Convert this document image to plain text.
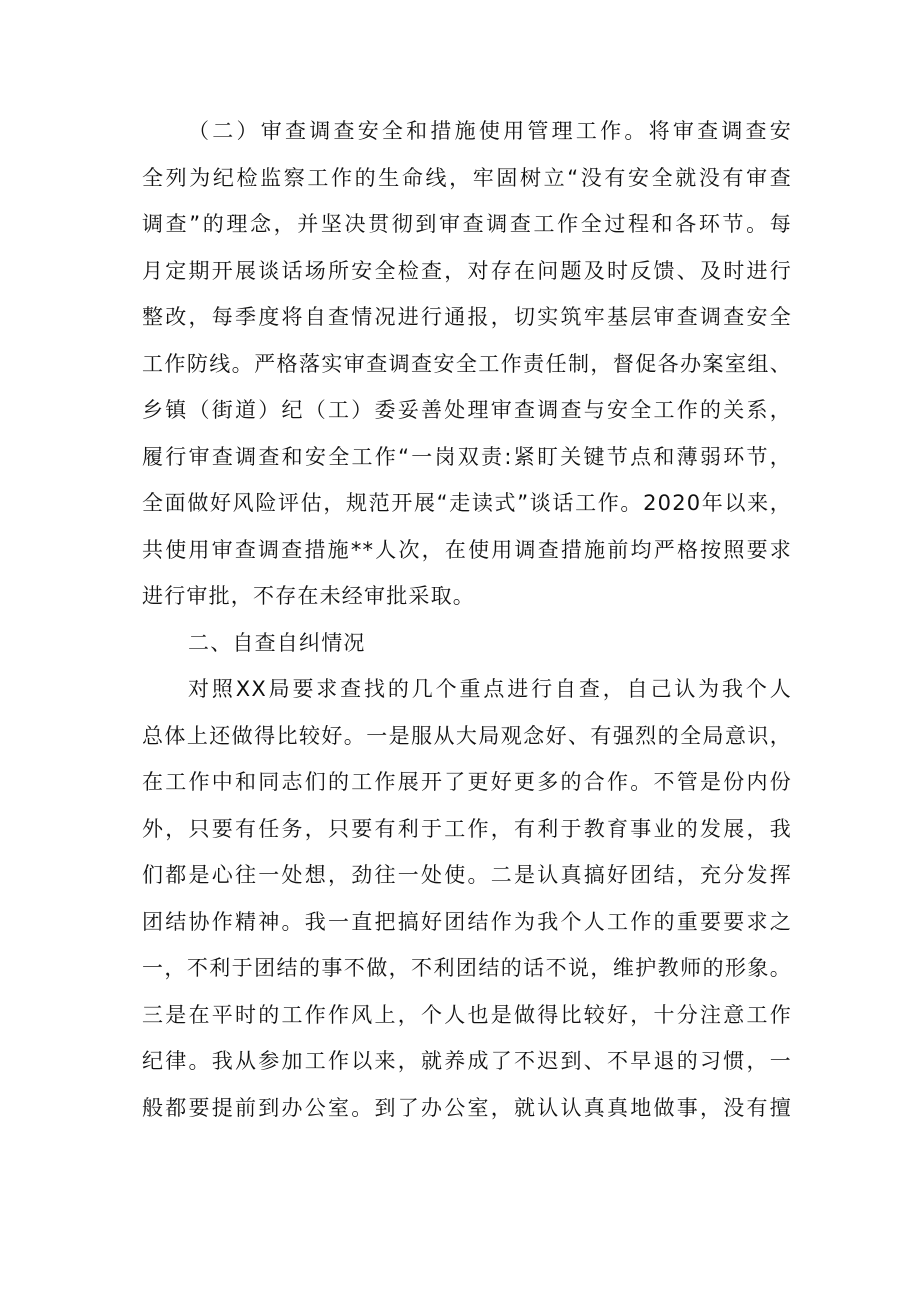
（二）审查调查安全和措施使用管理工作。将审查调查安
全列为纪检监察工作的生命线，牢固树立“没有安全就没有审查
调查”的理念，并坚决贯彻到审查调查工作全过程和各环节。每
月定期开展谈话场所安全检查，对存在问题及时反馈、及时进行
整改，每季度将自查情况进行通报，切实筑牢基层审查调查安全
工作防线。严格落实审查调查安全工作责任制，督促各办案室组、
乡镇（街道）纪（工）委妥善处理审查调查与安全工作的关系，
履行审查调查和安全工作“一岗双责:紧盯关键节点和薄弱环节，
全面做好风险评估，规范开展“走读式”谈话工作。2020年以来，
共使用审查调查措施**人次，在使用调查措施前均严格按照要求
进行审批，不存在未经审批采取。
二、自查自纠情况
对照XX局要求查找的几个重点进行自查，自己认为我个人
总体上还做得比较好。一是服从大局观念好、有强烈的全局意识，
在工作中和同志们的工作展开了更好更多的合作。不管是份内份
外，只要有任务，只要有利于工作，有利于教育事业的发展，我
们都是心往一处想，劲往一处使。二是认真搞好团结，充分发挥
团结协作精神。我一直把搞好团结作为我个人工作的重要要求之
一，不利于团结的事不做，不利团结的话不说，维护教师的形象。
三是在平时的工作作风上，个人也是做得比较好，十分注意工作
纪律。我从参加工作以来，就养成了不迟到、不早退的习惯，一
般都要提前到办公室。到了办公室，就认认真真地做事，没有擅
